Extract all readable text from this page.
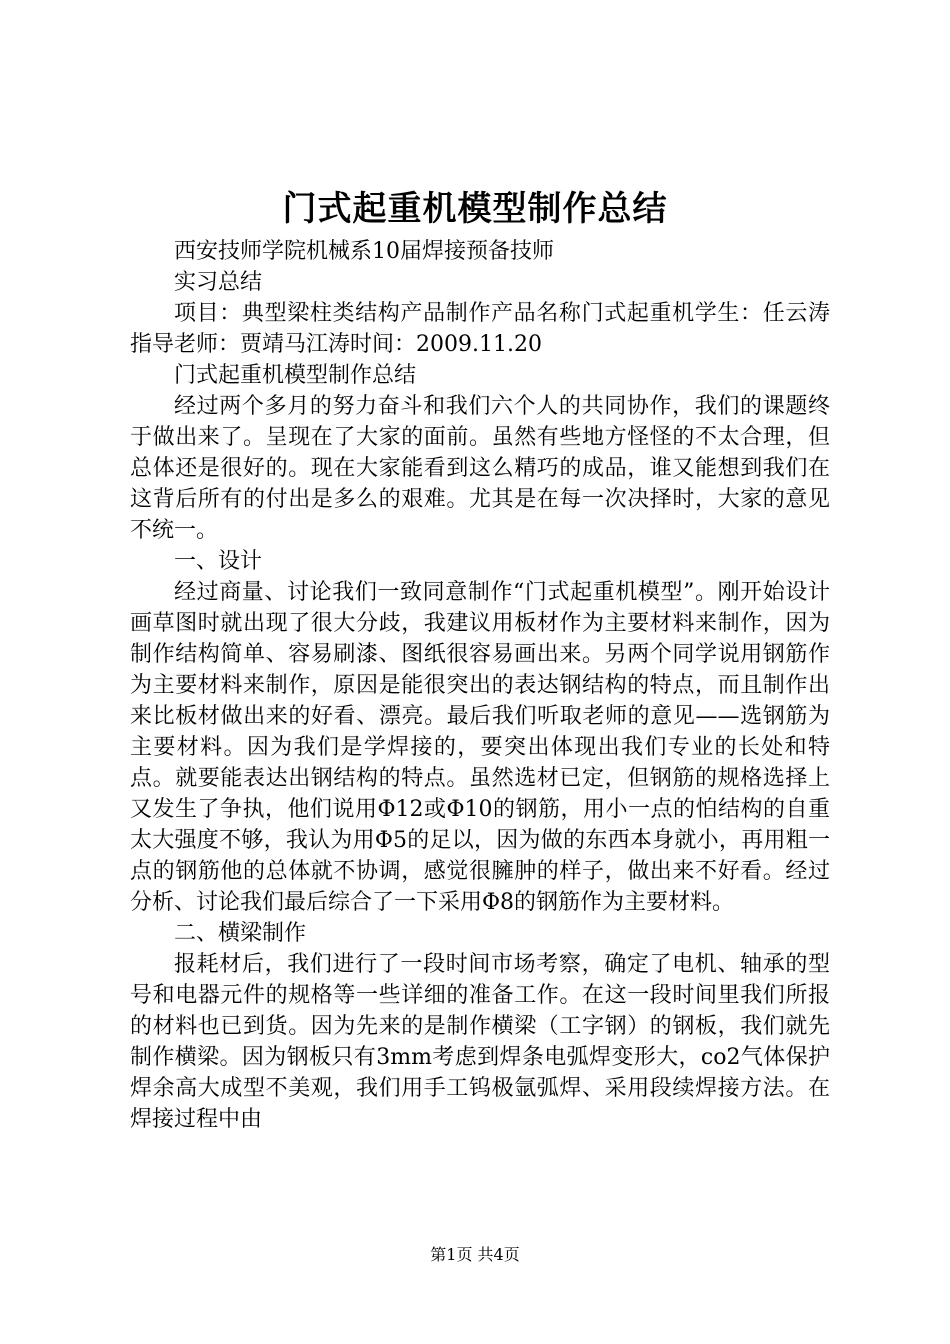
门式起重机模型制作总结

西安技师学院机械系10届焊接预备技师

实习总结

项目：典型梁柱类结构产品制作产品名称门式起重机学生：任云涛指导老师：贾靖马江涛时间：2009.11.20

门式起重机模型制作总结

经过两个多月的努力奋斗和我们六个人的共同协作，我们的课题终于做出来了。呈现在了大家的面前。虽然有些地方怪怪的不太合理，但总体还是很好的。现在大家能看到这么精巧的成品，谁又能想到我们在这背后所有的付出是多么的艰难。尤其是在每一次决择时，大家的意见不统一。

一、设计

经过商量、讨论我们一致同意制作“门式起重机模型”。刚开始设计画草图时就出现了很大分歧，我建议用板材作为主要材料来制作，因为制作结构简单、容易刷漆、图纸很容易画出来。另两个同学说用钢筋作为主要材料来制作，原因是能很突出的表达钢结构的特点，而且制作出来比板材做出来的好看、漂亮。最后我们听取老师的意见——选钢筋为主要材料。因为我们是学焊接的，要突出体现出我们专业的长处和特点。就要能表达出钢结构的特点。虽然选材已定，但钢筋的规格选择上又发生了争执，他们说用Φ12或Φ10的钢筋，用小一点的怕结构的自重太大强度不够，我认为用Φ5的足以，因为做的东西本身就小，再用粗一点的钢筋他的总体就不协调，感觉很臃肿的样子，做出来不好看。经过分析、讨论我们最后综合了一下采用Φ8的钢筋作为主要材料。

二、横梁制作

报耗材后，我们进行了一段时间市场考察，确定了电机、轴承的型号和电器元件的规格等一些详细的准备工作。在这一段时间里我们所报的材料也已到货。因为先来的是制作横梁（工字钢）的钢板，我们就先制作横梁。因为钢板只有3mm考虑到焊条电弧焊变形大，co2气体保护焊余高大成型不美观，我们用手工钨极氩弧焊、采用段续焊接方法。在焊接过程中由

第1页 共4页
